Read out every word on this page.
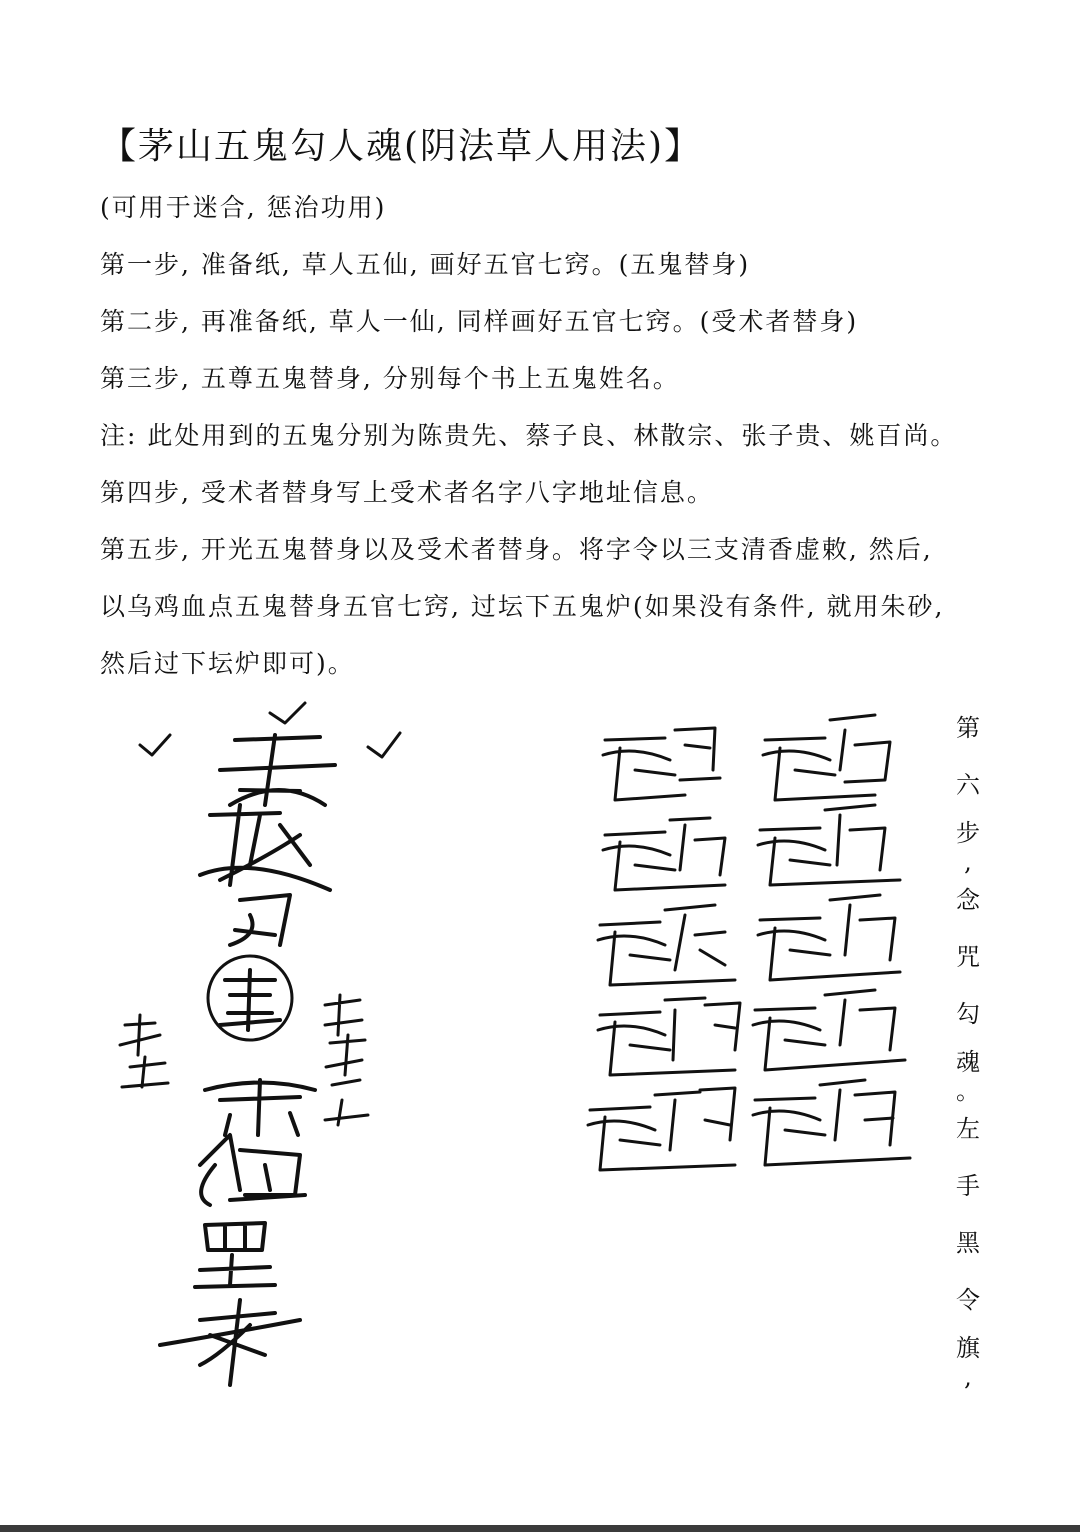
【茅山五鬼勾人魂(阴法草人用法)】
(可用于迷合, 惩治功用)
第一步, 准备纸, 草人五仙, 画好五官七窍。(五鬼替身)
第二步, 再准备纸, 草人一仙, 同样画好五官七窍。(受术者替身)
第三步, 五尊五鬼替身, 分别每个书上五鬼姓名。
注: 此处用到的五鬼分别为陈贵先、蔡子良、林散宗、张子贵、姚百尚。
第四步, 受术者替身写上受术者名字八字地址信息。
第五步, 开光五鬼替身以及受术者替身。将字令以三支清香虚敕, 然后,
以乌鸡血点五鬼替身五官七窍, 过坛下五鬼炉(如果没有条件, 就用朱砂,
然后过下坛炉即可)。
第
六
步
,
念
咒
勾
魂
。
左
手
黑
令
旗
,
